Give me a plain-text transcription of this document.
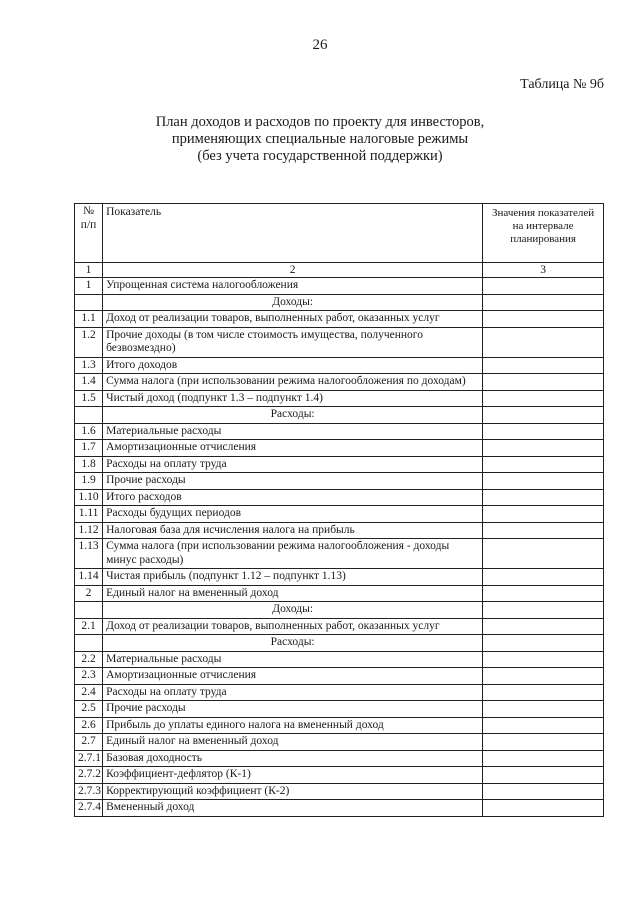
26
Таблица № 9б
План доходов и расходов по проекту для инвесторов,
применяющих специальные налоговые режимы
(без учета государственной поддержки)
№ п/п	Показатель	Значения показателей на интервале планирования
1	2	3
1	Упрощенная система налогообложения	
	Доходы:	
1.1	Доход от реализации товаров, выполненных работ, оказанных услуг	
1.2	Прочие доходы (в том числе стоимость имущества, полученного безвозмездно)	
1.3	Итого доходов	
1.4	Сумма налога (при использовании режима налогообложения по доходам)	
1.5	Чистый доход (подпункт 1.3 – подпункт 1.4)	
	Расходы:	
1.6	Материальные расходы	
1.7	Амортизационные отчисления	
1.8	Расходы на оплату труда	
1.9	Прочие расходы	
1.10	Итого расходов	
1.11	Расходы будущих периодов	
1.12	Налоговая база для исчисления налога на прибыль	
1.13	Сумма налога (при использовании режима налогообложения - доходы минус расходы)	
1.14	Чистая прибыль (подпункт 1.12 – подпункт 1.13)	
2	Единый налог на вмененный доход	
	Доходы:	
2.1	Доход от реализации товаров, выполненных работ, оказанных услуг	
	Расходы:	
2.2	Материальные расходы	
2.3	Амортизационные отчисления	
2.4	Расходы на оплату труда	
2.5	Прочие расходы	
2.6	Прибыль до уплаты единого налога на вмененный доход	
2.7	Единый налог на вмененный доход	
2.7.1	Базовая доходность	
2.7.2	Коэффициент-дефлятор (К-1)	
2.7.3	Корректирующий коэффициент (К-2)	
2.7.4	Вмененный доход	
